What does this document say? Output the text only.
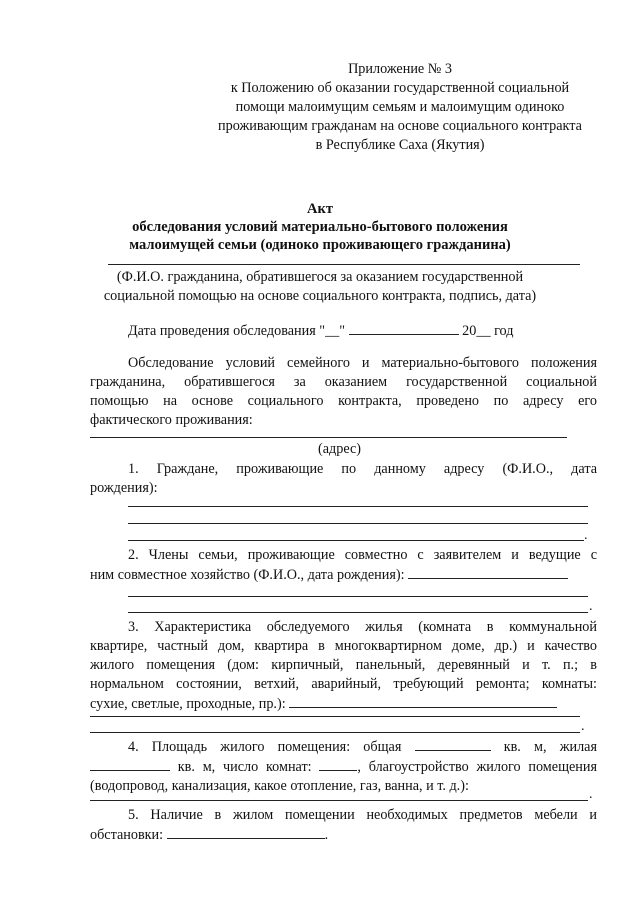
Приложение № 3
к Положению об оказании государственной социальной
помощи малоимущим семьям и малоимущим одиноко
проживающим гражданам на основе социального контракта
в Республике Саха (Якутия)
Акт
обследования условий материально-бытового положения
малоимущей семьи (одиноко проживающего гражданина)
(Ф.И.О. гражданина, обратившегося за оказанием государственной
социальной помощью на основе социального контракта, подпись, дата)
Дата проведения обследования "__"	20__ год
Обследование условий семейного и материально-бытового положения
гражданина, обратившегося за оказанием государственной социальной
помощью на основе социального контракта, проведено по адресу его
фактического проживания:
(адрес)
1. Граждане, проживающие по данному адресу (Ф.И.О., дата
рождения):
.
2. Члены семьи, проживающие совместно с заявителем и ведущие с
ним совместное хозяйство (Ф.И.О., дата рождения):
.
3. Характеристика обследуемого жилья (комната в коммунальной
квартире, частный дом, квартира в многоквартирном доме, др.) и качество
жилого помещения (дом: кирпичный, панельный, деревянный и т. п.; в
нормальном состоянии, ветхий, аварийный, требующий ремонта; комнаты:
сухие, светлые, проходные, пр.):
.
4. Площадь жилого помещения: общая	кв. м, жилая
кв. м, число комнат:	, благоустройство жилого помещения
(водопровод, канализация, какое отопление, газ, ванна, и т. д.):
.
5. Наличие в жилом помещении необходимых предметов мебели и
обстановки:	.
